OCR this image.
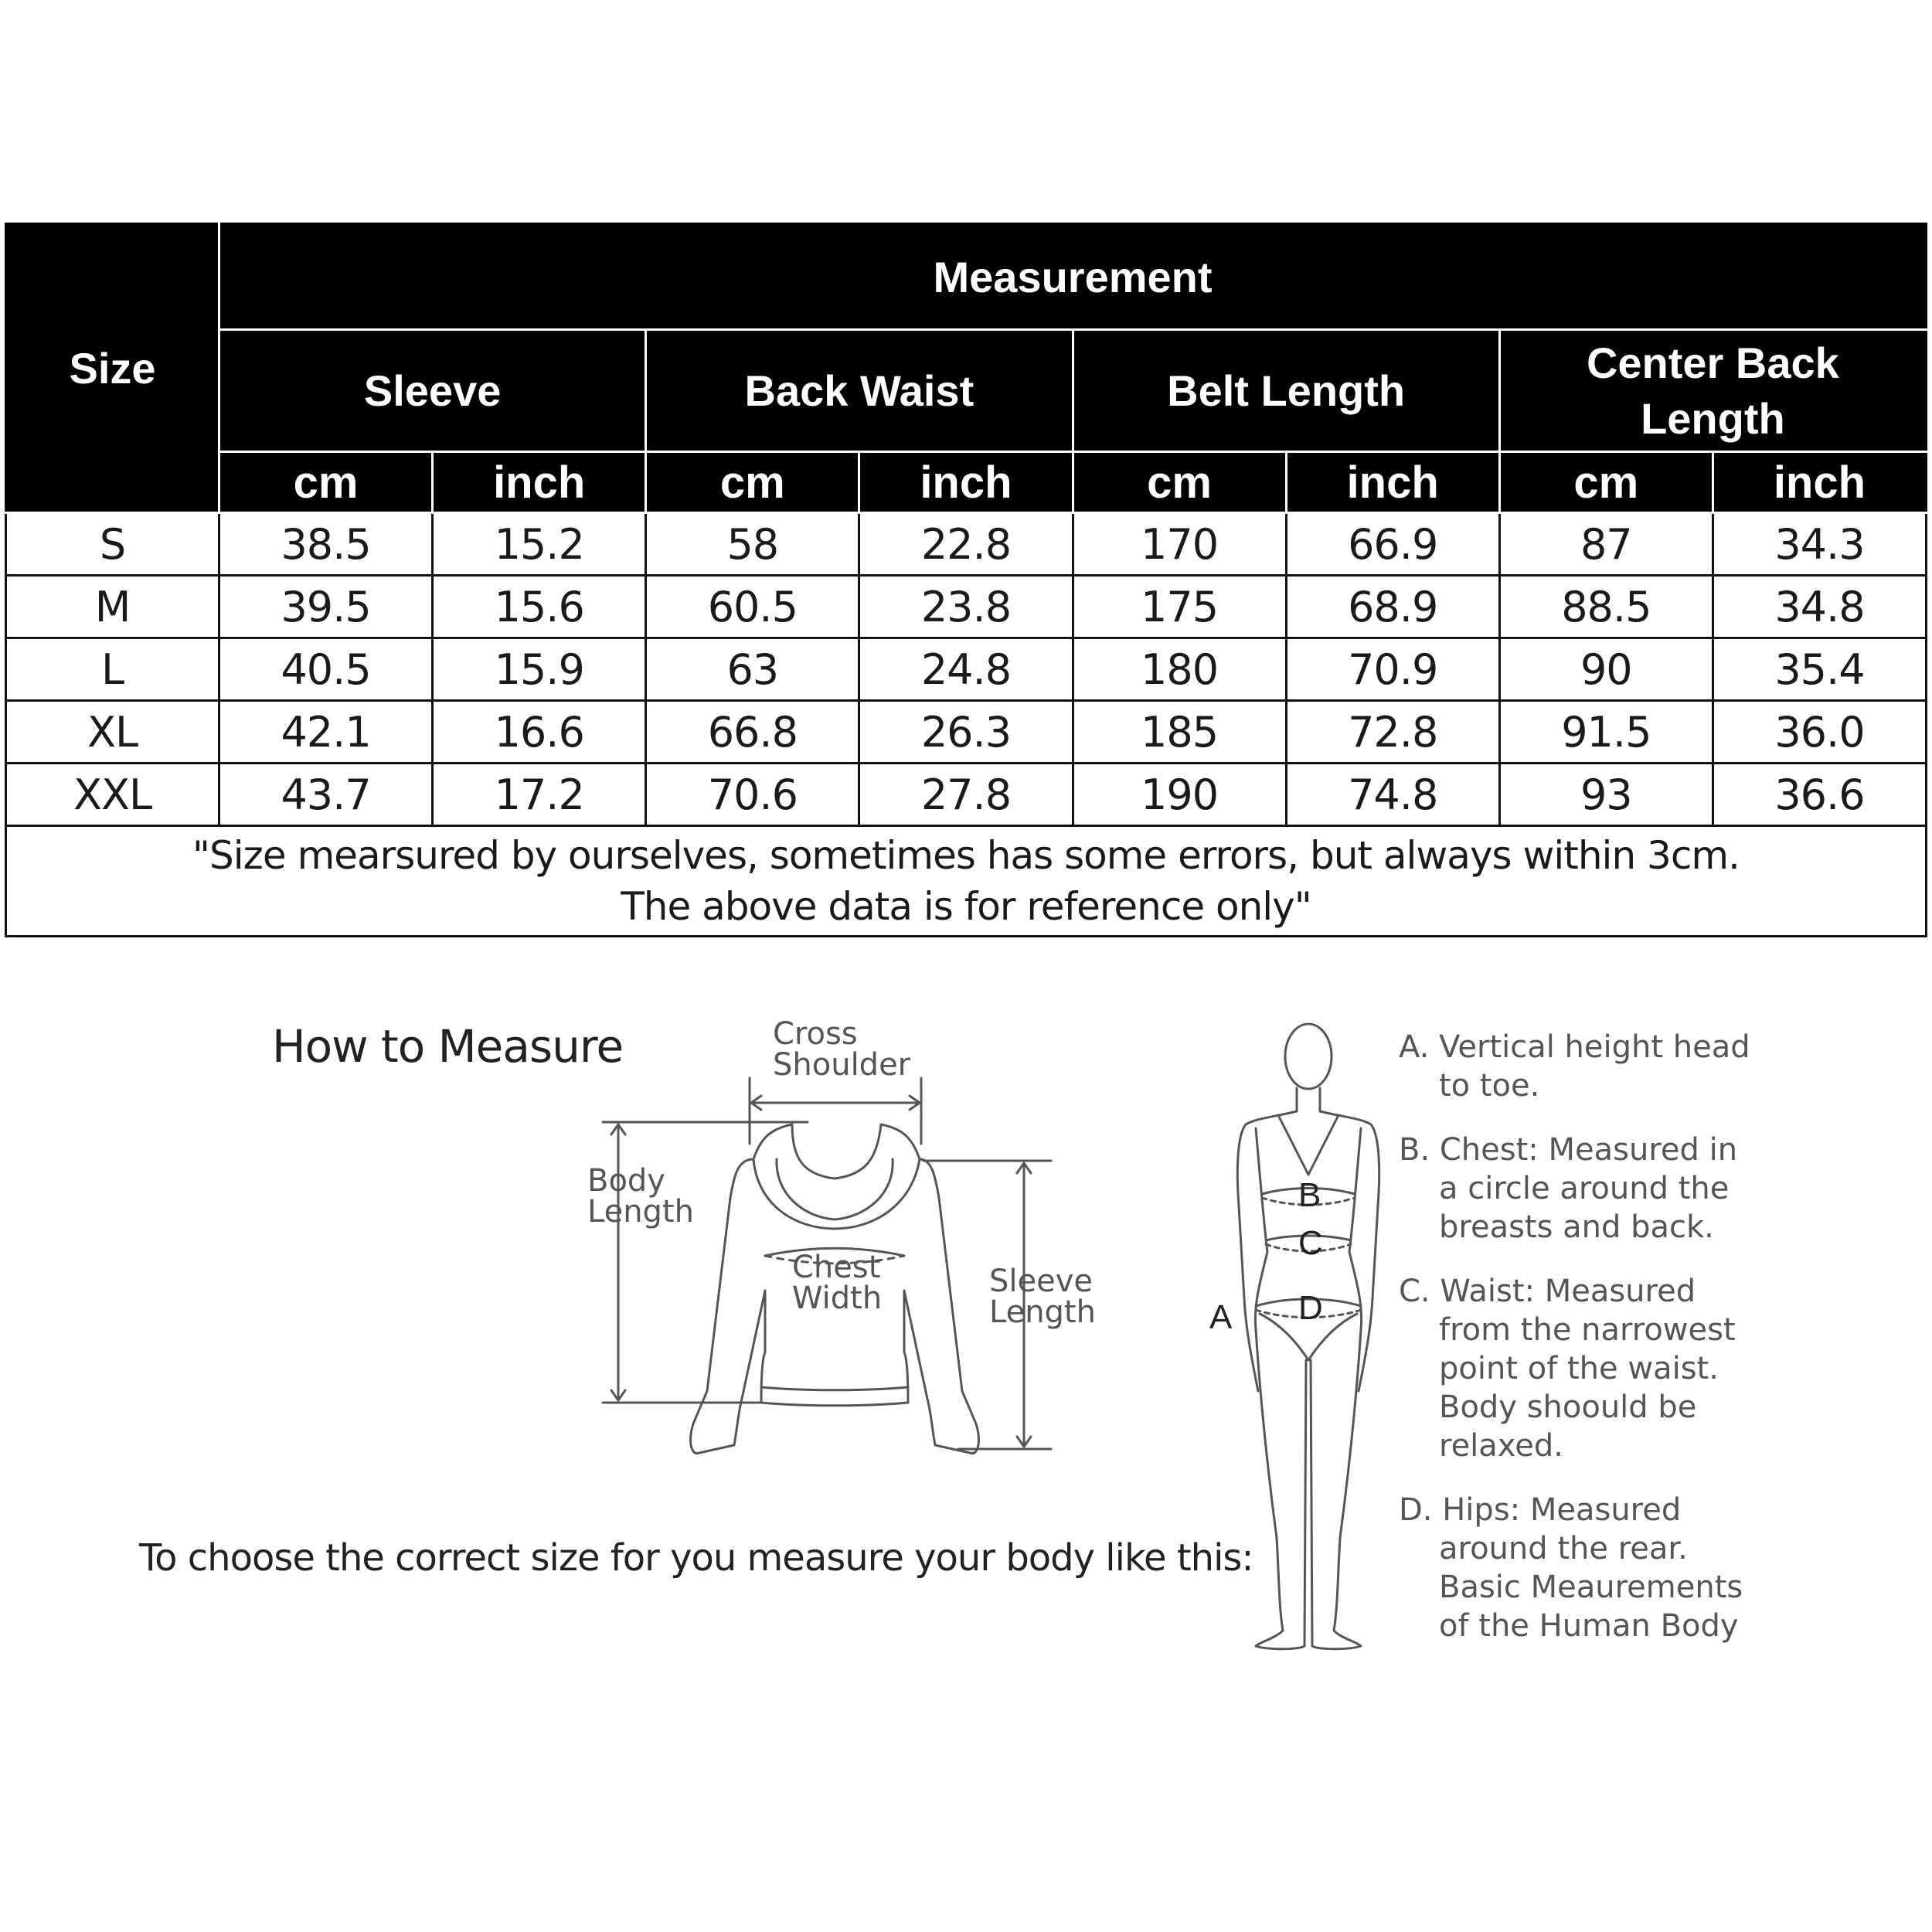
Size	Measurement							
	Sleeve		Back Waist		Belt Length		Center Back Length	
	cm	inch	cm	inch	cm	inch	cm	inch
S	38.5	15.2	58	22.8	170	66.9	87	34.3
M	39.5	15.6	60.5	23.8	175	68.9	88.5	34.8
L	40.5	15.9	63	24.8	180	70.9	90	35.4
XL	42.1	16.6	66.8	26.3	185	72.8	91.5	36.0
XXL	43.7	17.2	70.6	27.8	190	74.8	93	36.6
"Size mearsured by ourselves, sometimes has some errors, but always within 3cm.
The above data is for reference only"								
How to Measure
To choose the correct size for you measure your body like this:
Cross
Shoulder
Body
Length
Chest
Width	Sleeve
Length	A
B
C
D

A. Vertical height head to toe.

B. Chest: Measured in a circle around the breasts and back.

C. Waist: Measured from the narrowest point of the waist. Body shoould be relaxed.

D. Hips: Measured around the rear. Basic Meaurements of the Human Body
